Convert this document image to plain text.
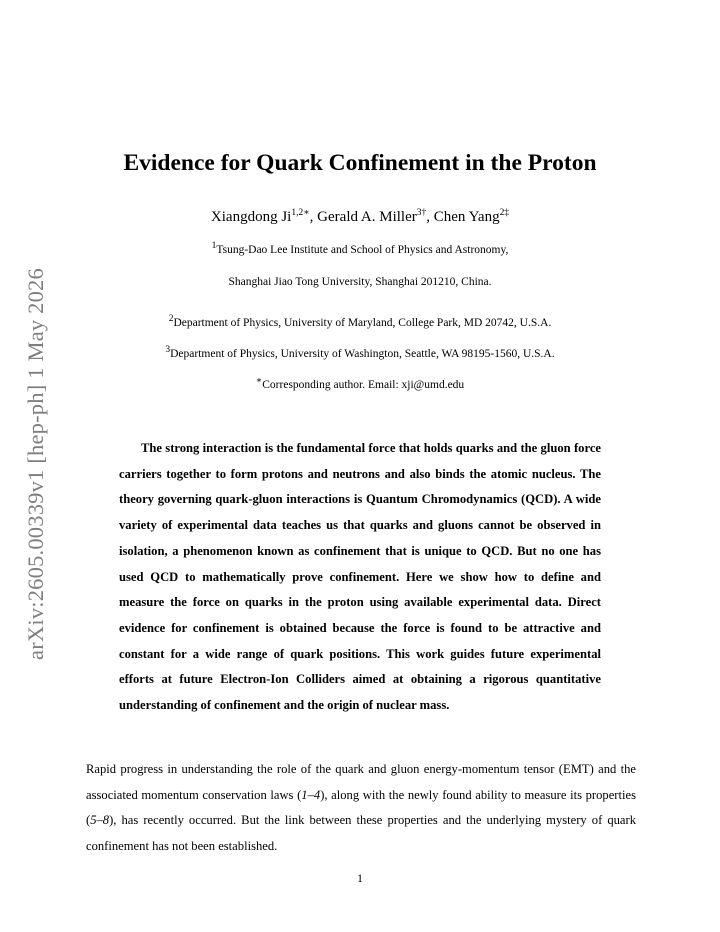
arXiv:2605.00339v1 [hep-ph] 1 May 2026
Evidence for Quark Confinement in the Proton
Xiangdong $Ji^{1,2∗}$, Gerald A. Miller$^{3\dagger}$, Chen Yang$^{2\ddagger}$
$^1$Tsung-Dao Lee Institute and School of Physics and Astronomy,
Shanghai Jiao Tong University, Shanghai 201210, China.
$^2$Department of Physics, University of Maryland, College Park, MD 20742, U.S.A.
$^3$Department of Physics, University of Washington, Seattle, WA 98195-1560, U.S.A.
∗Corresponding author. Email: xji@umd.edu
The strong interaction is the fundamental force that holds quarks and the gluon force carriers together to form protons and neutrons and also binds the atomic nucleus. The theory governing quark-gluon interactions is Quantum Chromodynamics (QCD). A wide variety of experimental data teaches us that quarks and gluons cannot be observed in isolation, a phenomenon known as confinement that is unique to QCD. But no one has used QCD to mathematically prove confinement. Here we show how to define and measure the force on quarks in the proton using available experimental data. Direct evidence for confinement is obtained because the force is found to be attractive and constant for a wide range of quark positions. This work guides future experimental efforts at future Electron-Ion Colliders aimed at obtaining a rigorous quantitative understanding of confinement and the origin of nuclear mass.
Rapid progress in understanding the role of the quark and gluon energy-momentum tensor (EMT) and the associated momentum conservation laws (1–4), along with the newly found ability to measure its properties (5–8), has recently occurred. But the link between these properties and the underlying mystery of quark confinement has not been established.
1
